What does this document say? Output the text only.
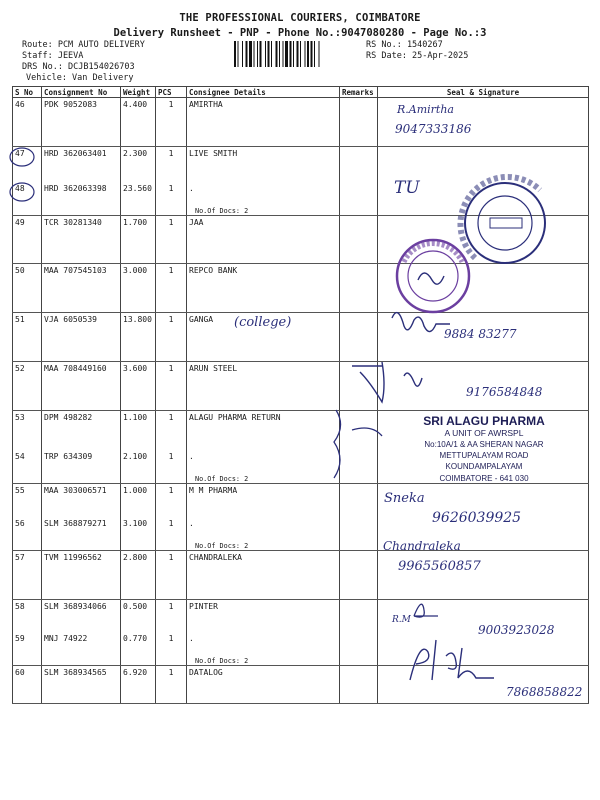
THE PROFESSIONAL COURIERS, COIMBATORE
Delivery Runsheet - PNP - Phone No.:9047080280 - Page No.:3
Route: PCM AUTO DELIVERY
Staff: JEEVA
DRS No.: DCJB154026703
Vehicle: Van Delivery
RS No.: 1540267
RS Date: 25-Apr-2025
S No	Consignment No	Weight	PCS	Consignee Details	Remarks	Seal & Signature
46	PDK 9052083	4.400	1	AMIRTHA		
47	HRD 362063401	2.300	1	LIVE SMITH		
48	HRD 362063398	23.560	1	.
No.Of Docs: 2		

49	TCR 30281340	1.700	1	JAA		
50	MAA 707545103	3.000	1	REPCO BANK		
51	VJA 6050539	13.800	1	GANGA		
52	MAA 708449160	3.600	1	ARUN STEEL		
53	DPM 498282	1.100	1	ALAGU PHARMA RETURN		
54	TRP 634309	2.100	1	.
No.Of Docs: 2		

55	MAA 303006571	1.000	1	M M PHARMA		
56	SLM 368879271	3.100	1	.
No.Of Docs: 2		

57	TVM 11996562	2.800	1	CHANDRALEKA		
58	SLM 368934066	0.500	1	PINTER		
59	MNJ 74922	0.770	1	.
No.Of Docs: 2		

60	SLM 368934565	6.920	1	DATALOG		
R.Amirtha
9047333186
TU
(college)
9884 83277
9176584848
SRI ALAGU PHARMA
A UNIT OF AWRSPL
No:10A/1 & AA SHERAN NAGAR
METTUPALAYAM ROAD
KOUNDAMPALAYAM
COIMBATORE - 641 030
Sneka
9626039925
Chandraleka
9965560857
R.M
9003923028
7868858822
